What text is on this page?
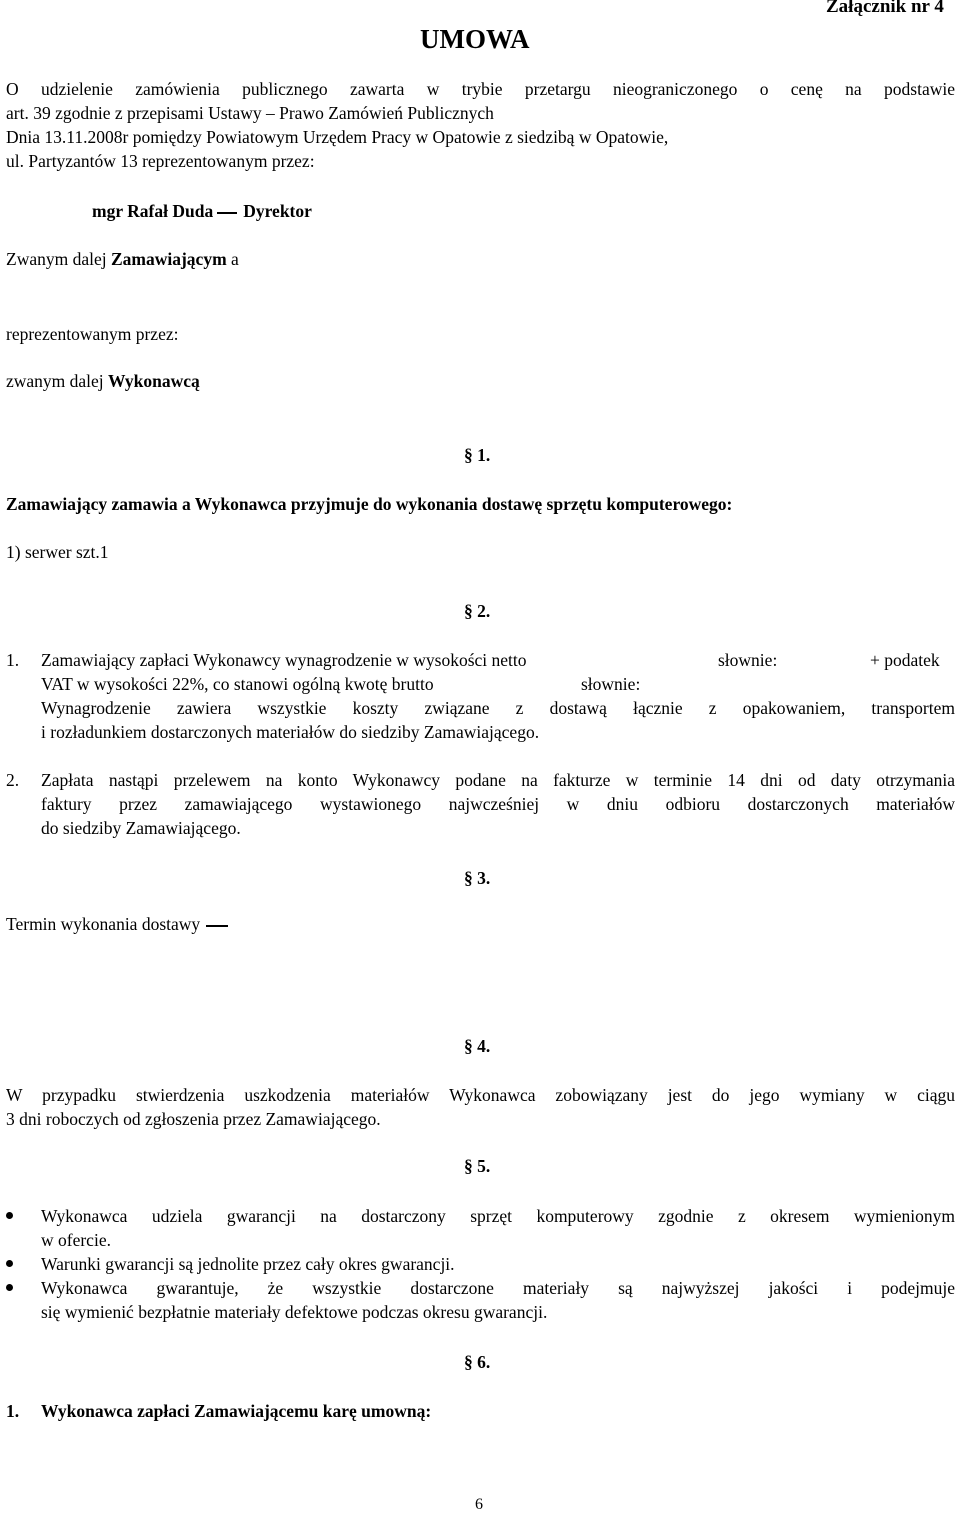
Załącznik nr 4
UMOWA
O udzielenie zamówienia publicznego zawarta w trybie przetargu nieograniczonego o cenę na podstawie
art. 39 zgodnie z przepisami Ustawy – Prawo Zamówień Publicznych
Dnia 13.11.2008r pomiędzy Powiatowym Urzędem Pracy w Opatowie z siedzibą w Opatowie,
ul. Partyzantów 13 reprezentowanym przez:
mgr Rafał Duda Dyrektor
Zwanym dalej Zamawiającym a
reprezentowanym przez:
zwanym dalej Wykonawcą
§ 1.
Zamawiający zamawia a Wykonawca przyjmuje do wykonania dostawę sprzętu komputerowego:
1) serwer szt.1
§ 2.
1. Zamawiający zapłaci Wykonawcy wynagrodzenie w wysokości netto	słownie:	+ podatek
VAT w wysokości 22%, co stanowi ogólną kwotę brutto	słownie:
Wynagrodzenie zawiera wszystkie koszty związane z dostawą łącznie z opakowaniem, transportem
i rozładunkiem dostarczonych materiałów do siedziby Zamawiającego.
2. Zapłata nastąpi przelewem na konto Wykonawcy podane na fakturze w terminie 14 dni od daty otrzymania
faktury przez zamawiającego wystawionego najwcześniej w dniu odbioru dostarczonych materiałów
do siedziby Zamawiającego.
§ 3.
Termin wykonania dostawy
§ 4.
W przypadku stwierdzenia uszkodzenia materiałów Wykonawca zobowiązany jest do jego wymiany w ciągu
3 dni roboczych od zgłoszenia przez Zamawiającego.
§ 5.
Wykonawca udziela gwarancji na dostarczony sprzęt komputerowy zgodnie z okresem wymienionym
w ofercie.
Warunki gwarancji są jednolite przez cały okres gwarancji.
Wykonawca gwarantuje, że wszystkie dostarczone materiały są najwyższej jakości i podejmuje
się wymienić bezpłatnie materiały defektowe podczas okresu gwarancji.
§ 6.
1. Wykonawca zapłaci Zamawiającemu karę umowną:
6
